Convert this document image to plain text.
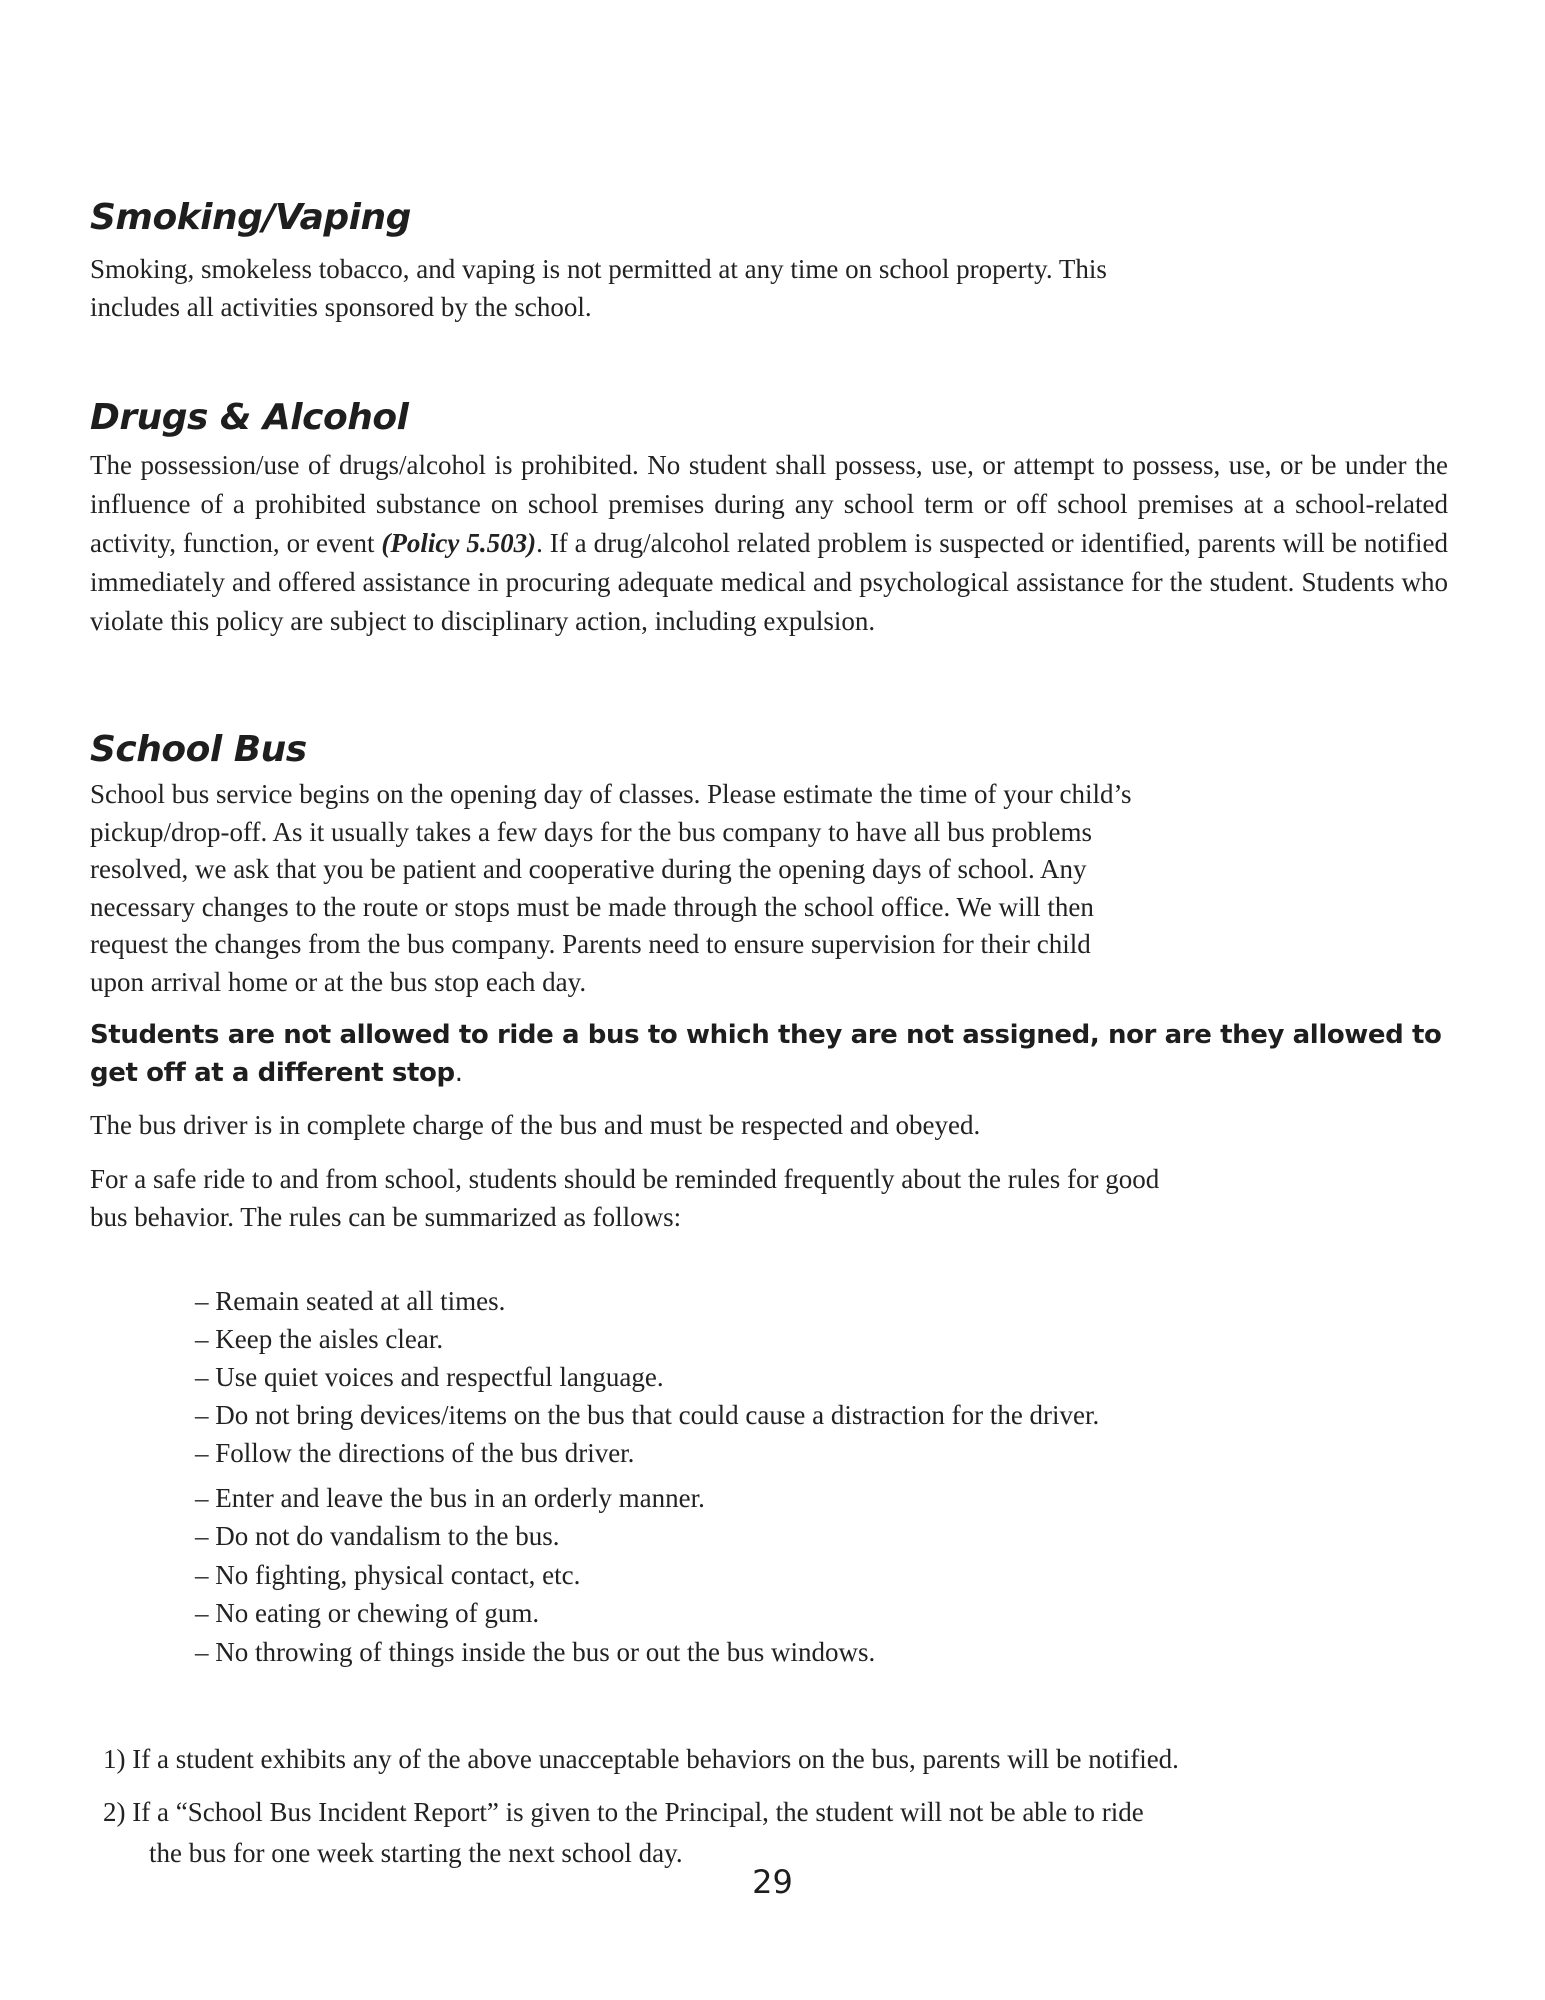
Smoking/Vaping

Smoking, smokeless tobacco, and vaping is not permitted at any time on school property. This
includes all activities sponsored by the school.

Drugs & Alcohol

The possession/use of drugs/alcohol is prohibited. No student shall possess, use, or attempt to possess, use, or be under the influence of a prohibited substance on school premises during any school term or off school premises at a school-related activity, function, or event (Policy 5.503). If a drug/alcohol related problem is suspected or identified, parents will be notified immediately and offered assistance in procuring adequate medical and psychological assistance for the student. Students who violate this policy are subject to disciplinary action, including expulsion.

School Bus

School bus service begins on the opening day of classes. Please estimate the time of your child’s
pickup/drop-off. As it usually takes a few days for the bus company to have all bus problems
resolved, we ask that you be patient and cooperative during the opening days of school. Any
necessary changes to the route or stops must be made through the school office. We will then
request the changes from the bus company. Parents need to ensure supervision for their child
upon arrival home or at the bus stop each day.

Students are not allowed to ride a bus to which they are not assigned, nor are they allowed to get off at a different stop.

The bus driver is in complete charge of the bus and must be respected and obeyed.

For a safe ride to and from school, students should be reminded frequently about the rules for good
bus behavior. The rules can be summarized as follows:

– Remain seated at all times.
– Keep the aisles clear.
– Use quiet voices and respectful language.
– Do not bring devices/items on the bus that could cause a distraction for the driver.
– Follow the directions of the bus driver.
– Enter and leave the bus in an orderly manner.
– Do not do vandalism to the bus.
– No fighting, physical contact, etc.
– No eating or chewing of gum.
– No throwing of things inside the bus or out the bus windows.

1) If a student exhibits any of the above unacceptable behaviors on the bus, parents will be notified.

2) If a “School Bus Incident Report” is given to the Principal, the student will not be able to ride
the bus for one week starting the next school day.

29
